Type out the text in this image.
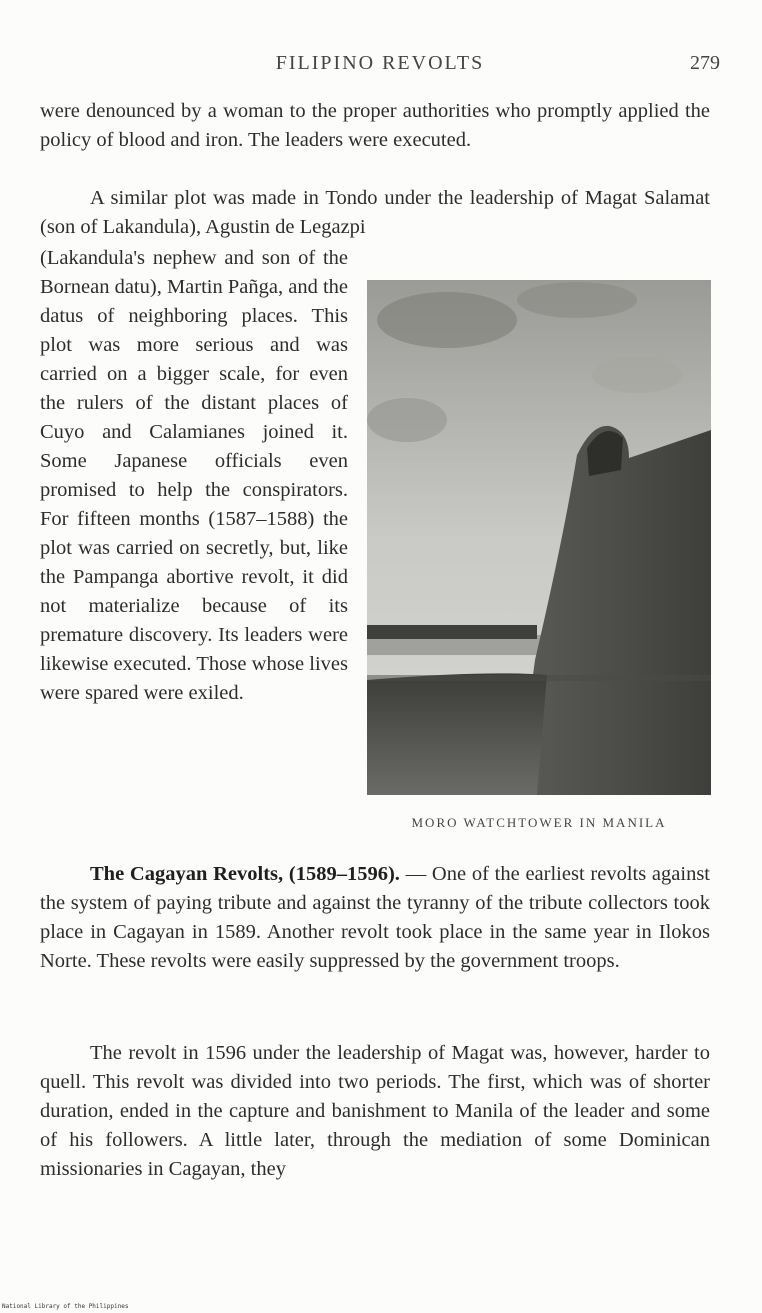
FILIPINO REVOLTS	279

were denounced by a woman to the proper authorities who promptly applied the policy of blood and iron. The leaders were executed.

A similar plot was made in Tondo under the leadership of Magat Salamat (son of Lakandula), Agustin de Legazpi

(Lakandula's nephew and son of the Bornean datu), Martin Pañga, and the datus of neighboring places. This plot was more serious and was carried on a bigger scale, for even the rulers of the distant places of Cuyo and Calamianes joined it. Some Japanese officials even promised to help the conspirators. For fifteen months (1587–1588) the plot was carried on secretly, but, like the Pampanga abortive revolt, it did not materialize because of its premature discovery. Its leaders were likewise executed. Those whose lives were spared were exiled.

MORO WATCHTOWER IN MANILA

The Cagayan Revolts, (1589–1596). — One of the earliest revolts against the system of paying tribute and against the tyranny of the tribute collectors took place in Cagayan in 1589. Another revolt took place in the same year in Ilokos Norte. These revolts were easily suppressed by the government troops.

The revolt in 1596 under the leadership of Magat was, however, harder to quell. This revolt was divided into two periods. The first, which was of shorter duration, ended in the capture and banishment to Manila of the leader and some of his followers. A little later, through the mediation of some Dominican missionaries in Cagayan, they

National Library of the Philippines
